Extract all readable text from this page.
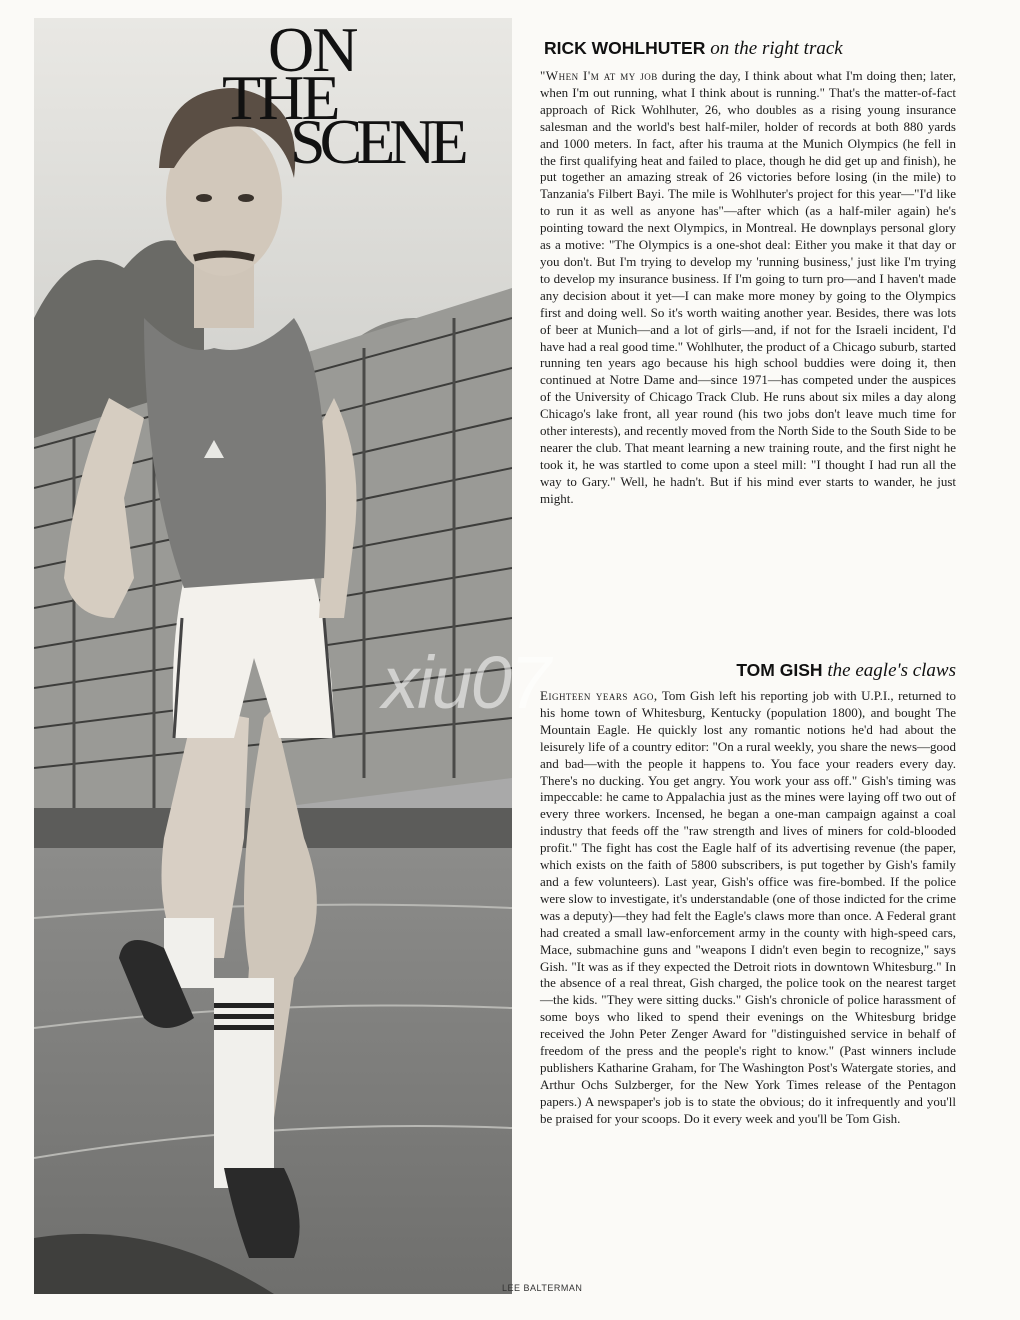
xiu07
LEE BALTERMAN
ON
THE
SCENE
RICK WOHLHUTER on the right track
"When I'm at my job during the day, I think about what I'm doing then; later, when I'm out running, what I think about is running." That's the matter-of-fact approach of Rick Wohlhuter, 26, who doubles as a rising young insurance salesman and the world's best half-miler, holder of records at both 880 yards and 1000 meters. In fact, after his trauma at the Munich Olympics (he fell in the first qualifying heat and failed to place, though he did get up and finish), he put together an amazing streak of 26 victories before losing (in the mile) to Tanzania's Filbert Bayi. The mile is Wohlhuter's project for this year—"I'd like to run it as well as anyone has"—after which (as a half-miler again) he's pointing toward the next Olympics, in Montreal. He downplays personal glory as a motive: "The Olympics is a one-shot deal: Either you make it that day or you don't. But I'm trying to develop my 'running business,' just like I'm trying to develop my insurance business. If I'm going to turn pro—and I haven't made any decision about it yet—I can make more money by going to the Olympics first and doing well. So it's worth waiting another year. Besides, there was lots of beer at Munich—and a lot of girls—and, if not for the Israeli incident, I'd have had a real good time." Wohlhuter, the product of a Chicago suburb, started running ten years ago because his high school buddies were doing it, then continued at Notre Dame and—since 1971—has competed under the auspices of the University of Chicago Track Club. He runs about six miles a day along Chicago's lake front, all year round (his two jobs don't leave much time for other interests), and recently moved from the North Side to the South Side to be nearer the club. That meant learning a new training route, and the first night he took it, he was startled to come upon a steel mill: "I thought I had run all the way to Gary." Well, he hadn't. But if his mind ever starts to wander, he just might.
TOM GISH the eagle's claws
Eighteen years ago, Tom Gish left his reporting job with U.P.I., returned to his home town of Whitesburg, Kentucky (population 1800), and bought The Mountain Eagle. He quickly lost any romantic notions he'd had about the leisurely life of a country editor: "On a rural weekly, you share the news—good and bad—with the people it happens to. You face your readers every day. There's no ducking. You get angry. You work your ass off." Gish's timing was impeccable: he came to Appalachia just as the mines were laying off two out of every three workers. Incensed, he began a one-man campaign against a coal industry that feeds off the "raw strength and lives of miners for cold-blooded profit." The fight has cost the Eagle half of its advertising revenue (the paper, which exists on the faith of 5800 subscribers, is put together by Gish's family and a few volunteers). Last year, Gish's office was fire-bombed. If the police were slow to investigate, it's understandable (one of those indicted for the crime was a deputy)—they had felt the Eagle's claws more than once. A Federal grant had created a small law-enforcement army in the county with high-speed cars, Mace, submachine guns and "weapons I didn't even begin to recognize," says Gish. "It was as if they expected the Detroit riots in downtown Whitesburg." In the absence of a real threat, Gish charged, the police took on the nearest target—the kids. "They were sitting ducks." Gish's chronicle of police harassment of some boys who liked to spend their evenings on the Whitesburg bridge received the John Peter Zenger Award for "distinguished service in behalf of freedom of the press and the people's right to know." (Past winners include publishers Katharine Graham, for The Washington Post's Watergate stories, and Arthur Ochs Sulzberger, for the New York Times release of the Pentagon papers.) A newspaper's job is to state the obvious; do it infrequently and you'll be praised for your scoops. Do it every week and you'll be Tom Gish.
